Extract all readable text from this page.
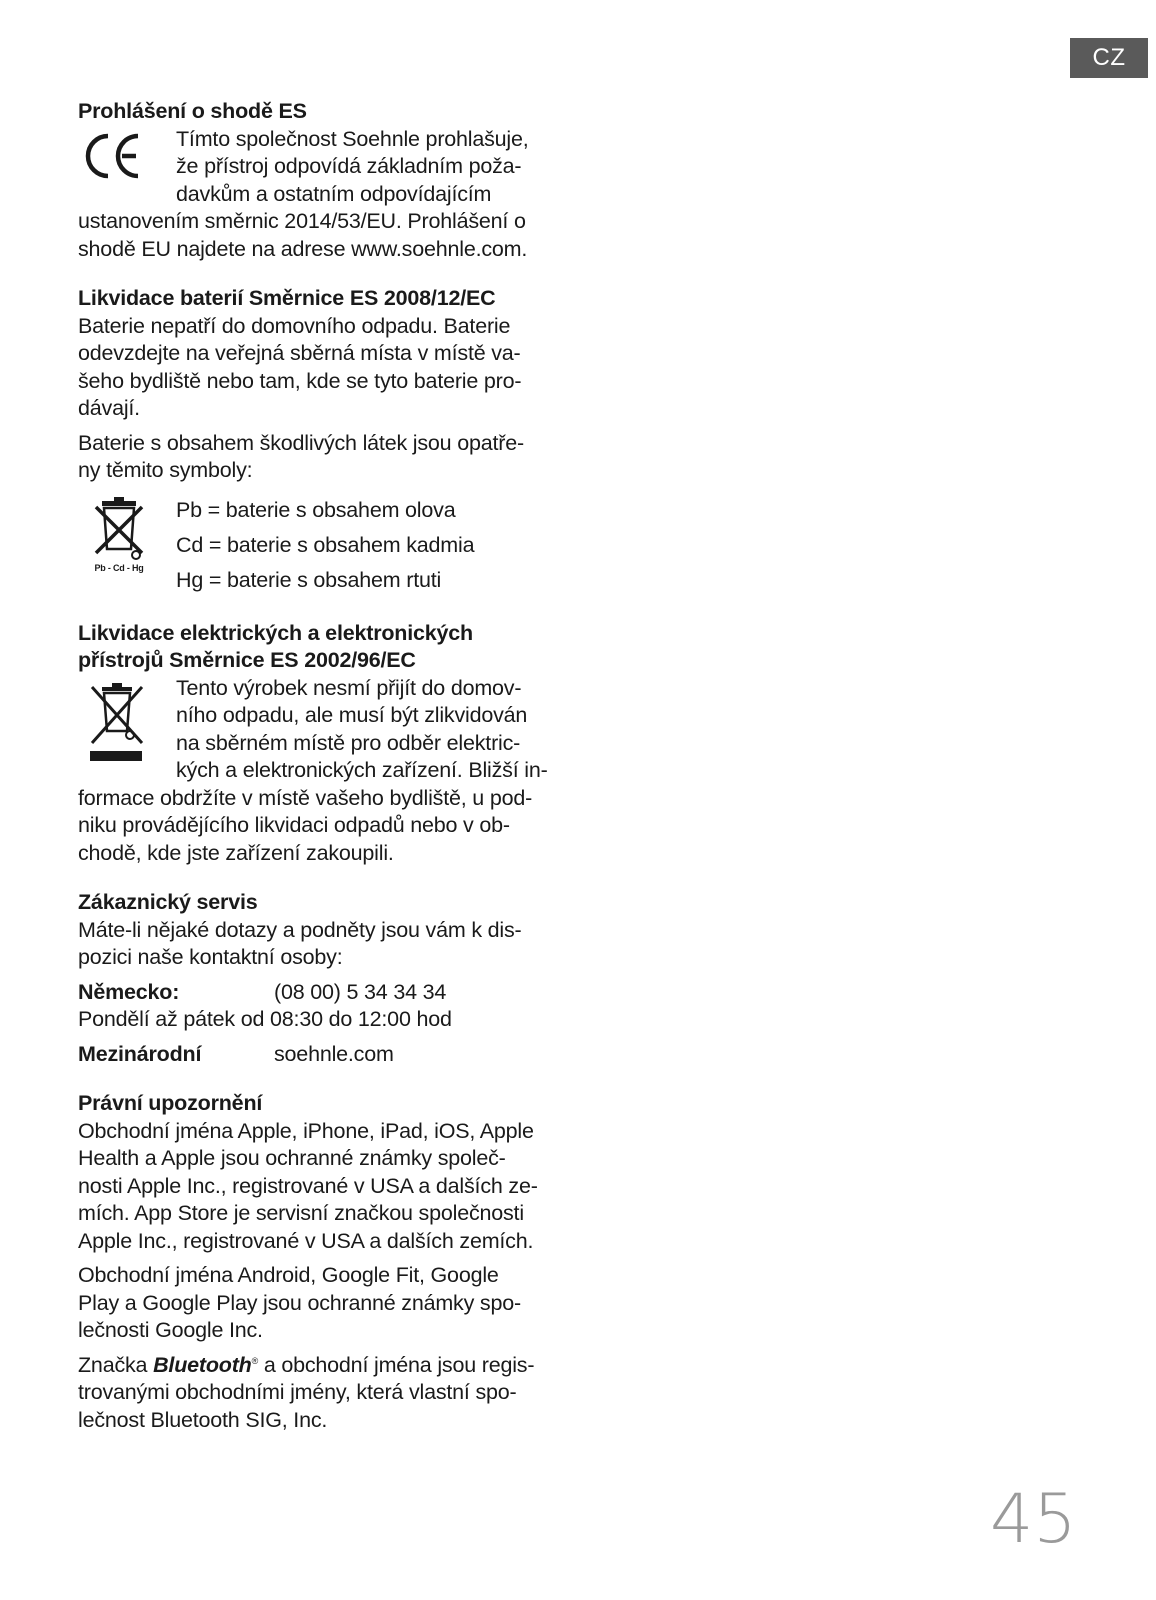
CZ

Prohlášení o shodě ES

Tímto společnost Soehnle prohlašuje,

že přístroj odpovídá základním poža-

davkům a ostatním odpovídajícím

ustanovením směrnic 2014/53/EU. Prohlášení o

shodě EU najdete na adrese www.soehnle.com.

Likvidace baterií Směrnice ES 2008/12/EC

Baterie nepatří do domovního odpadu. Baterie

odevzdejte na veřejná sběrná místa v místě va-

šeho bydliště nebo tam, kde se tyto baterie pro-

dávají.

Baterie s obsahem škodlivých látek jsou opatře-

ny těmito symboly:

Pb - Cd - Hg

Pb = baterie s obsahem olova

Cd = baterie s obsahem kadmia

Hg = baterie s obsahem rtuti

Likvidace elektrických a elektronických

přístrojů Směrnice ES 2002/96/EC

Tento výrobek nesmí přijít do domov-

ního odpadu, ale musí být zlikvidován

na sběrném místě pro odběr elektric-

kých a elektronických zařízení. Bližší in-

formace obdržíte v místě vašeho bydliště, u pod-

niku provádějícího likvidaci odpadů nebo v ob-

chodě, kde jste zařízení zakoupili.

Zákaznický servis

Máte-li nějaké dotazy a podněty jsou vám k dis-

pozici naše kontaktní osoby:

Německo:	(08 00) 5 34 34 34

Pondělí až pátek od 08:30 do 12:00 hod

Mezinárodní	soehnle.com

Právní upozornění

Obchodní jména Apple, iPhone, iPad, iOS, Apple

Health a Apple jsou ochranné známky společ-

nosti Apple Inc., registrované v USA a dalších ze-

mích. App Store je servisní značkou společnosti

Apple Inc., registrované v USA a dalších zemích.

Obchodní jména Android, Google Fit, Google

Play a Google Play jsou ochranné známky spo-

lečnosti Google Inc.

Značka Bluetooth® a obchodní jména jsou regis-

trovanými obchodními jmény, která vlastní spo-

lečnost Bluetooth SIG, Inc.

45
